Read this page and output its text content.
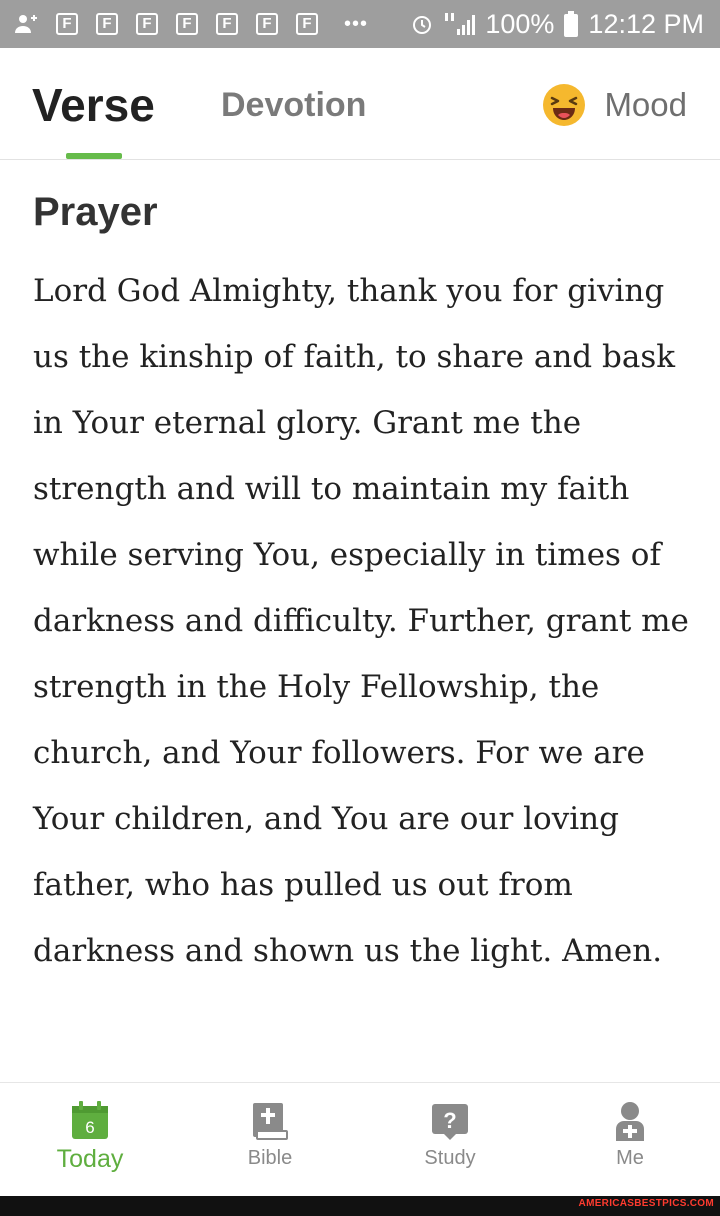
F	F	F	F	F	F	F	•••	100% 12:12 PM
Verse Devotion	Mood
Prayer
Lord God Almighty, thank you for giving us the kinship of faith, to share and bask in Your eternal glory. Grant me the strength and will to maintain my faith while serving You, especially in times of darkness and difficulty. Further, grant me strength in the Holy Fellowship, the church, and Your followers. For we are Your children, and You are our loving father, who has pulled us out from darkness and shown us the light. Amen.
6
Today	Bible
?
Study	Me
AMERICASBESTPICS.COM
